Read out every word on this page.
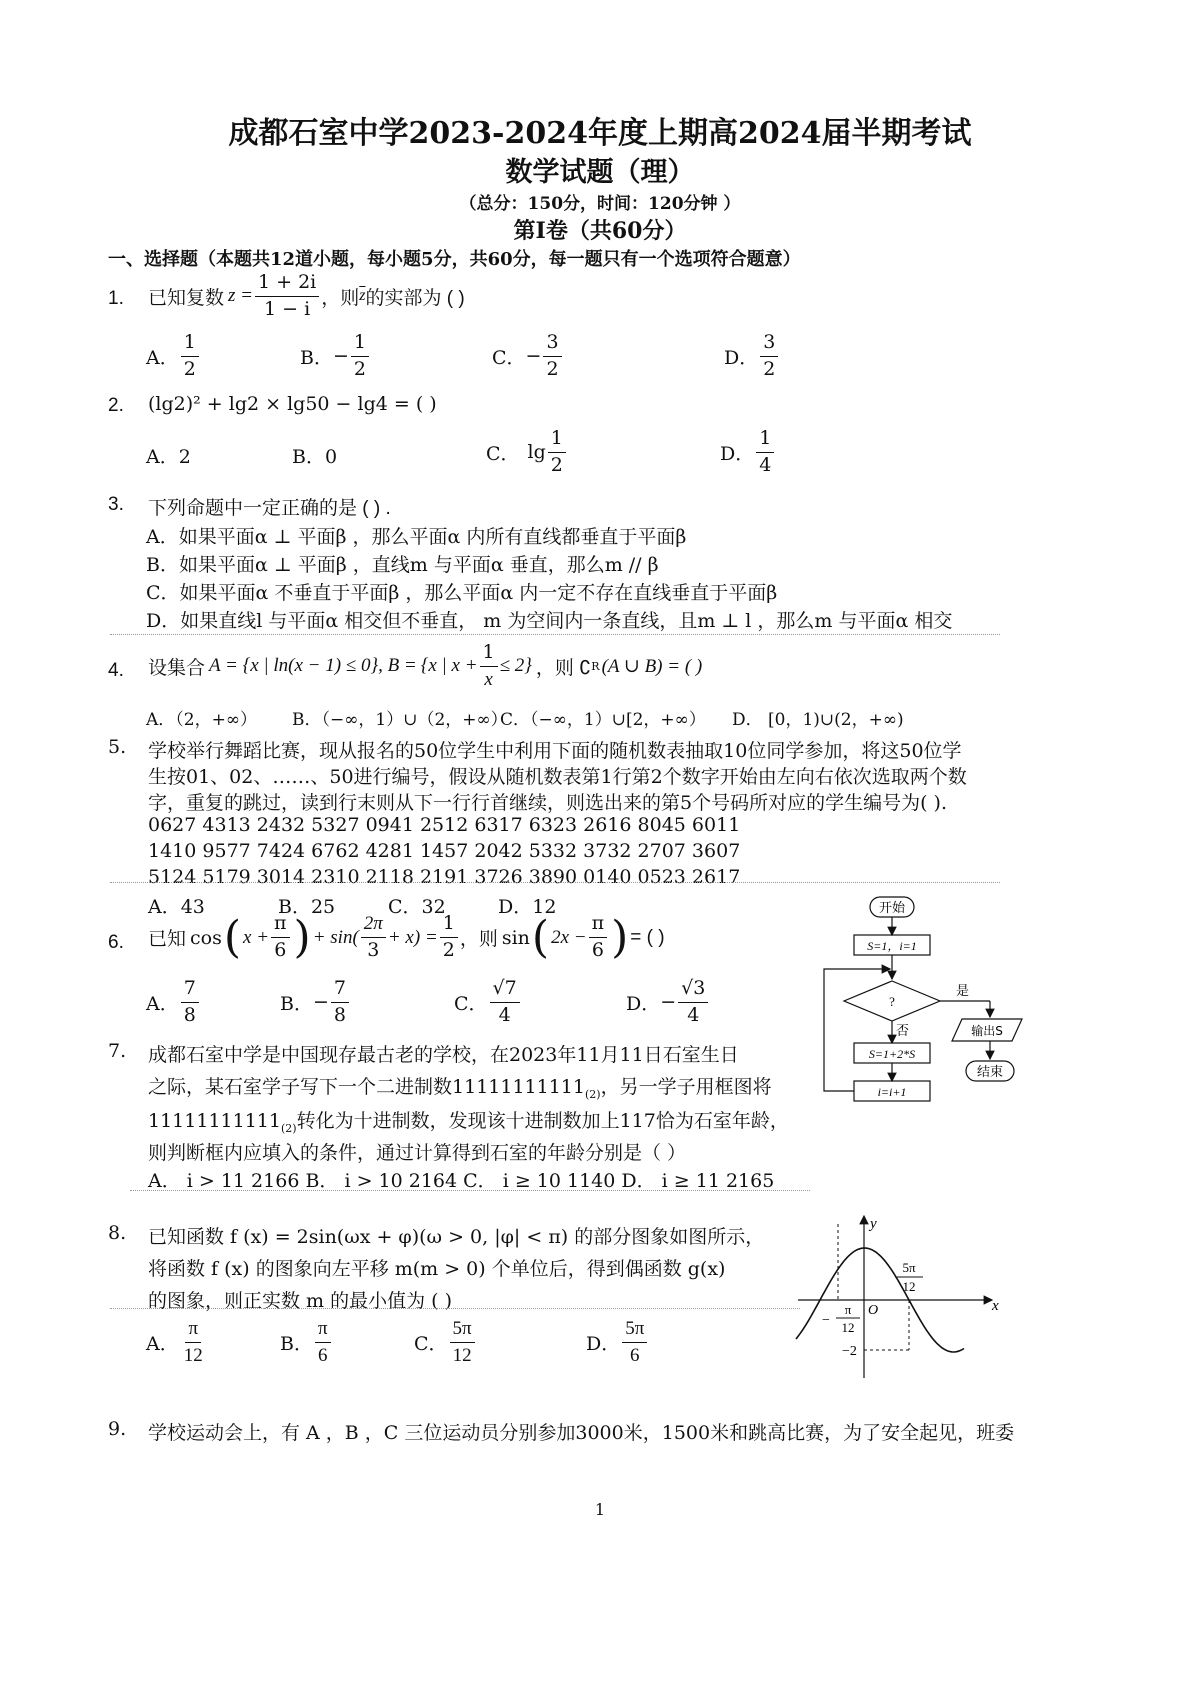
成都石室中学2023-2024年度上期高2024届半期考试
数学试题（理）
（总分：150分，时间：120分钟 ）
第Ⅰ卷（共60分）
一、选择题（本题共12道小题，每小题5分，共60分，每一题只有一个选项符合题意）
1. 已知复数 $z = \frac{1 + 2i}{1 - i}$ ，则 $\overline{z}$ 的实部为 ( )
A． $\frac{1}{2}$	B． − $\frac{1}{2}$	C． − $\frac{3}{2}$	D． $\frac{3}{2}$
2. (lg2)² + lg2 × lg50 − lg4 = ( )
A．2	B．0	C． $\lg \frac{1}{2}$	D． $\frac{1}{4}$
3. 下列命题中一定正确的是 ( ) .
A．如果平面α ⊥ 平面β ，那么平面α 内所有直线都垂直于平面β
B．如果平面α ⊥ 平面β ，直线m 与平面α 垂直，那么m // β
C．如果平面α 不垂直于平面β ，那么平面α 内一定不存在直线垂直于平面β
D．如果直线l 与平面α 相交但不垂直， m 为空间内一条直线，且m ⊥ l ，那么m 与平面α 相交
4. 设集合 A = {x | ln(x − 1) ≤ 0}, B = {x | $x + \frac{1}{x} \le 2$} ，则 ∁ R (A ∪ B) = ( )
A．（2，+∞） B．（−∞，1）∪（2，+∞）
C．（−∞，1）∪[2，+∞） D． [0，1)∪(2，+∞)
5. 学校举行舞蹈比赛，现从报名的50位学生中利用下面的随机数表抽取10位同学参加，将这50位学
生按01、02、……、50进行编号，假设从随机数表第1行第2个数字开始由左向右依次选取两个数
字，重复的跳过，读到行末则从下一行行首继续，则选出来的第5个号码所对应的学生编号为( ).
0627 4313 2432 5327 0941 2512 6317 6323 2616 8045 6011
1410 9577 7424 6762 4281 1457 2042 5332 3732 2707 3607
5124 5179 3014 2310 2118 2191 3726 3890 0140 0523 2617
A．43	B．25	C．32	D．12
6. 已知 cos ( $x + \frac{\pi}{6}$ ) + $\sin( \frac{2\pi}{3} + x) = \frac{1}{2}$ ，则 sin ( $2x - \frac{\pi}{6}$ ) = ( )
A． $\frac{7}{8}$	B． − $\frac{7}{8}$	C． $\frac{√7}{4}$	D． − $\frac{√3}{4}$
7. 成都石室中学是中国现存最古老的学校，在2023年11月11日石室生日
之际，某石室学子写下一个二进制数$11111111111_{(2)}$，另一学子用框图将
$11111111111_{(2)}$转化为十进制数，发现该十进制数加上117恰为石室年龄，
则判断框内应填入的条件，通过计算得到石室的年龄分别是（ ）
A． i > 11 2166 B． i > 10 2164 C． i ≥ 10 1140 D． i ≥ 11 2165
开始
S=1，i=1
?
是
否	输出S
结束
S=1+2*S
i=i+1
8. 已知函数 f (x) = 2sin(ωx + φ)(ω > 0, |φ| < π) 的部分图象如图所示，
将函数 f (x) 的图象向左平移 m(m > 0) 个单位后，得到偶函数 g(x)
的图象，则正实数 m 的最小值为 ( )
A． $\frac{\pi}{12}$	B． $\frac{\pi}{6}$	C． $\frac{5\pi}{12}$	D． $\frac{5\pi}{6}$
x
y
O
−2
−
π
12
5π
12
9. 学校运动会上，有 A ，B ，C 三位运动员分别参加3000米，1500米和跳高比赛，为了安全起见，班委
1
